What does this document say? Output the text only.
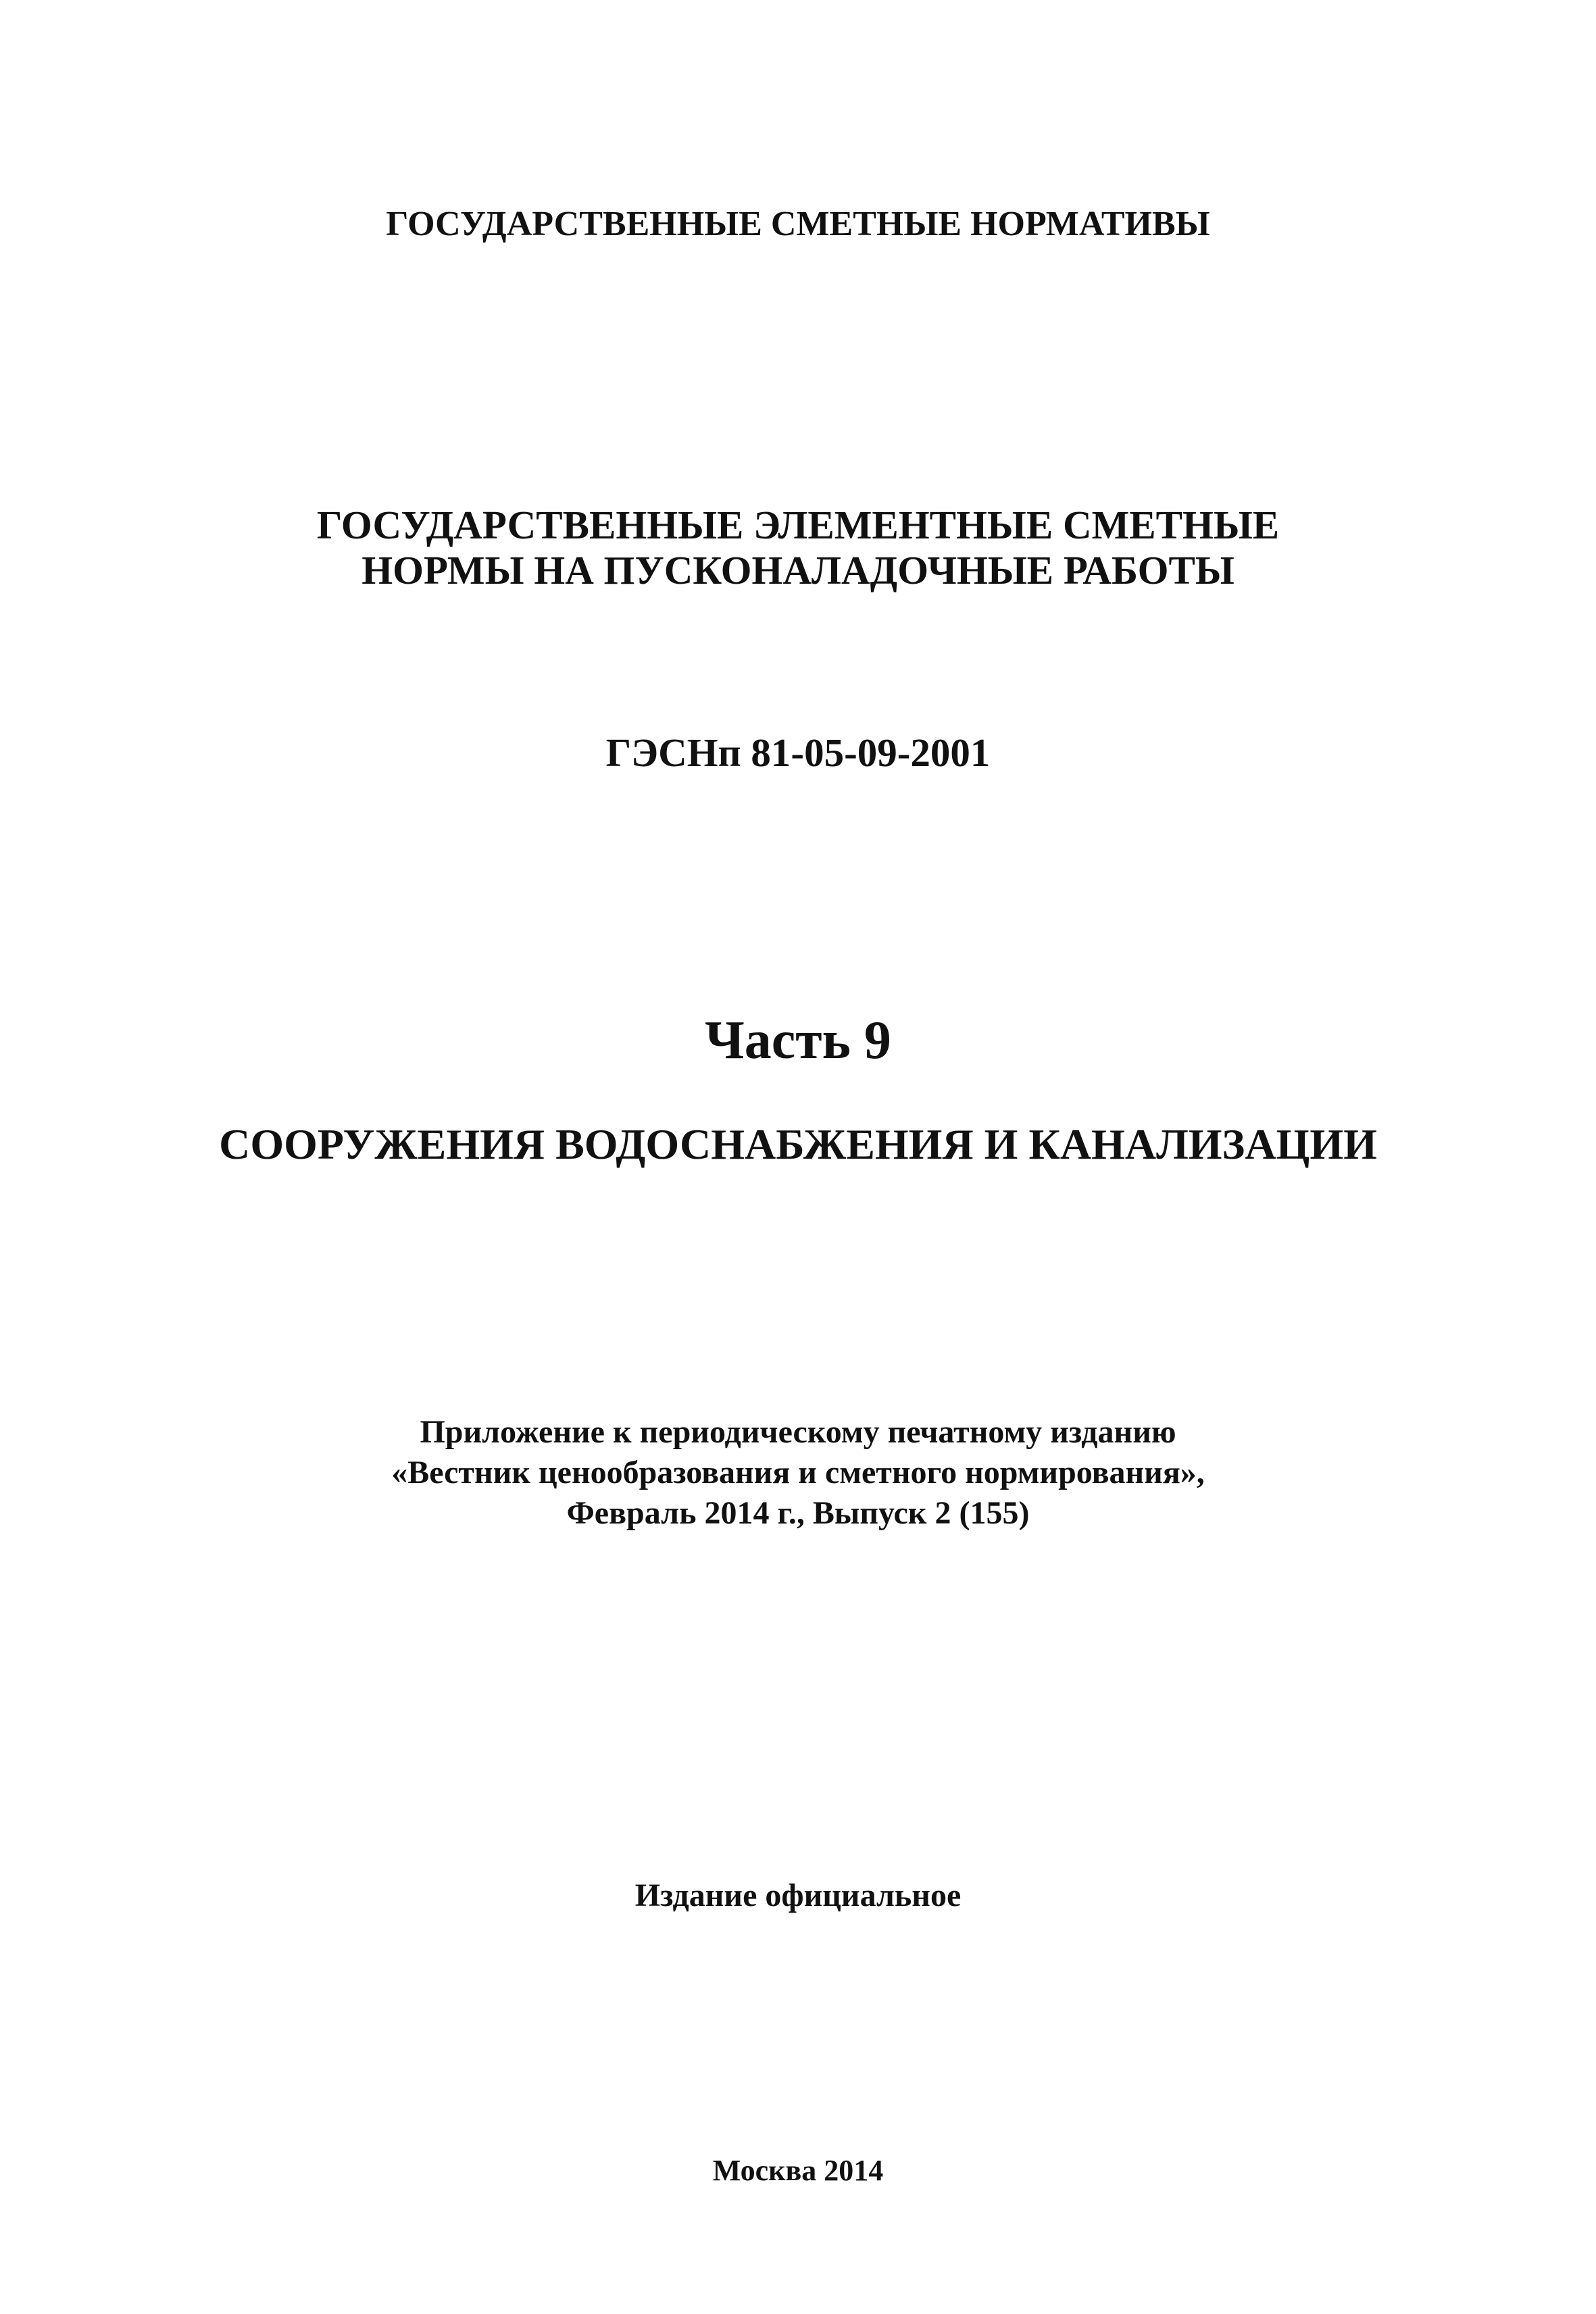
ГОСУДАРСТВЕННЫЕ СМЕТНЫЕ НОРМАТИВЫ
ГОСУДАРСТВЕННЫЕ ЭЛЕМЕНТНЫЕ СМЕТНЫЕ
НОРМЫ НА ПУСКОНАЛАДОЧНЫЕ РАБОТЫ
ГЭСНп 81-05-09-2001
Часть 9
СООРУЖЕНИЯ ВОДОСНАБЖЕНИЯ И КАНАЛИЗАЦИИ
Приложение к периодическому печатному изданию
«Вестник ценообразования и сметного нормирования»,
Февраль 2014 г., Выпуск 2 (155)
Издание официальное
Москва 2014
